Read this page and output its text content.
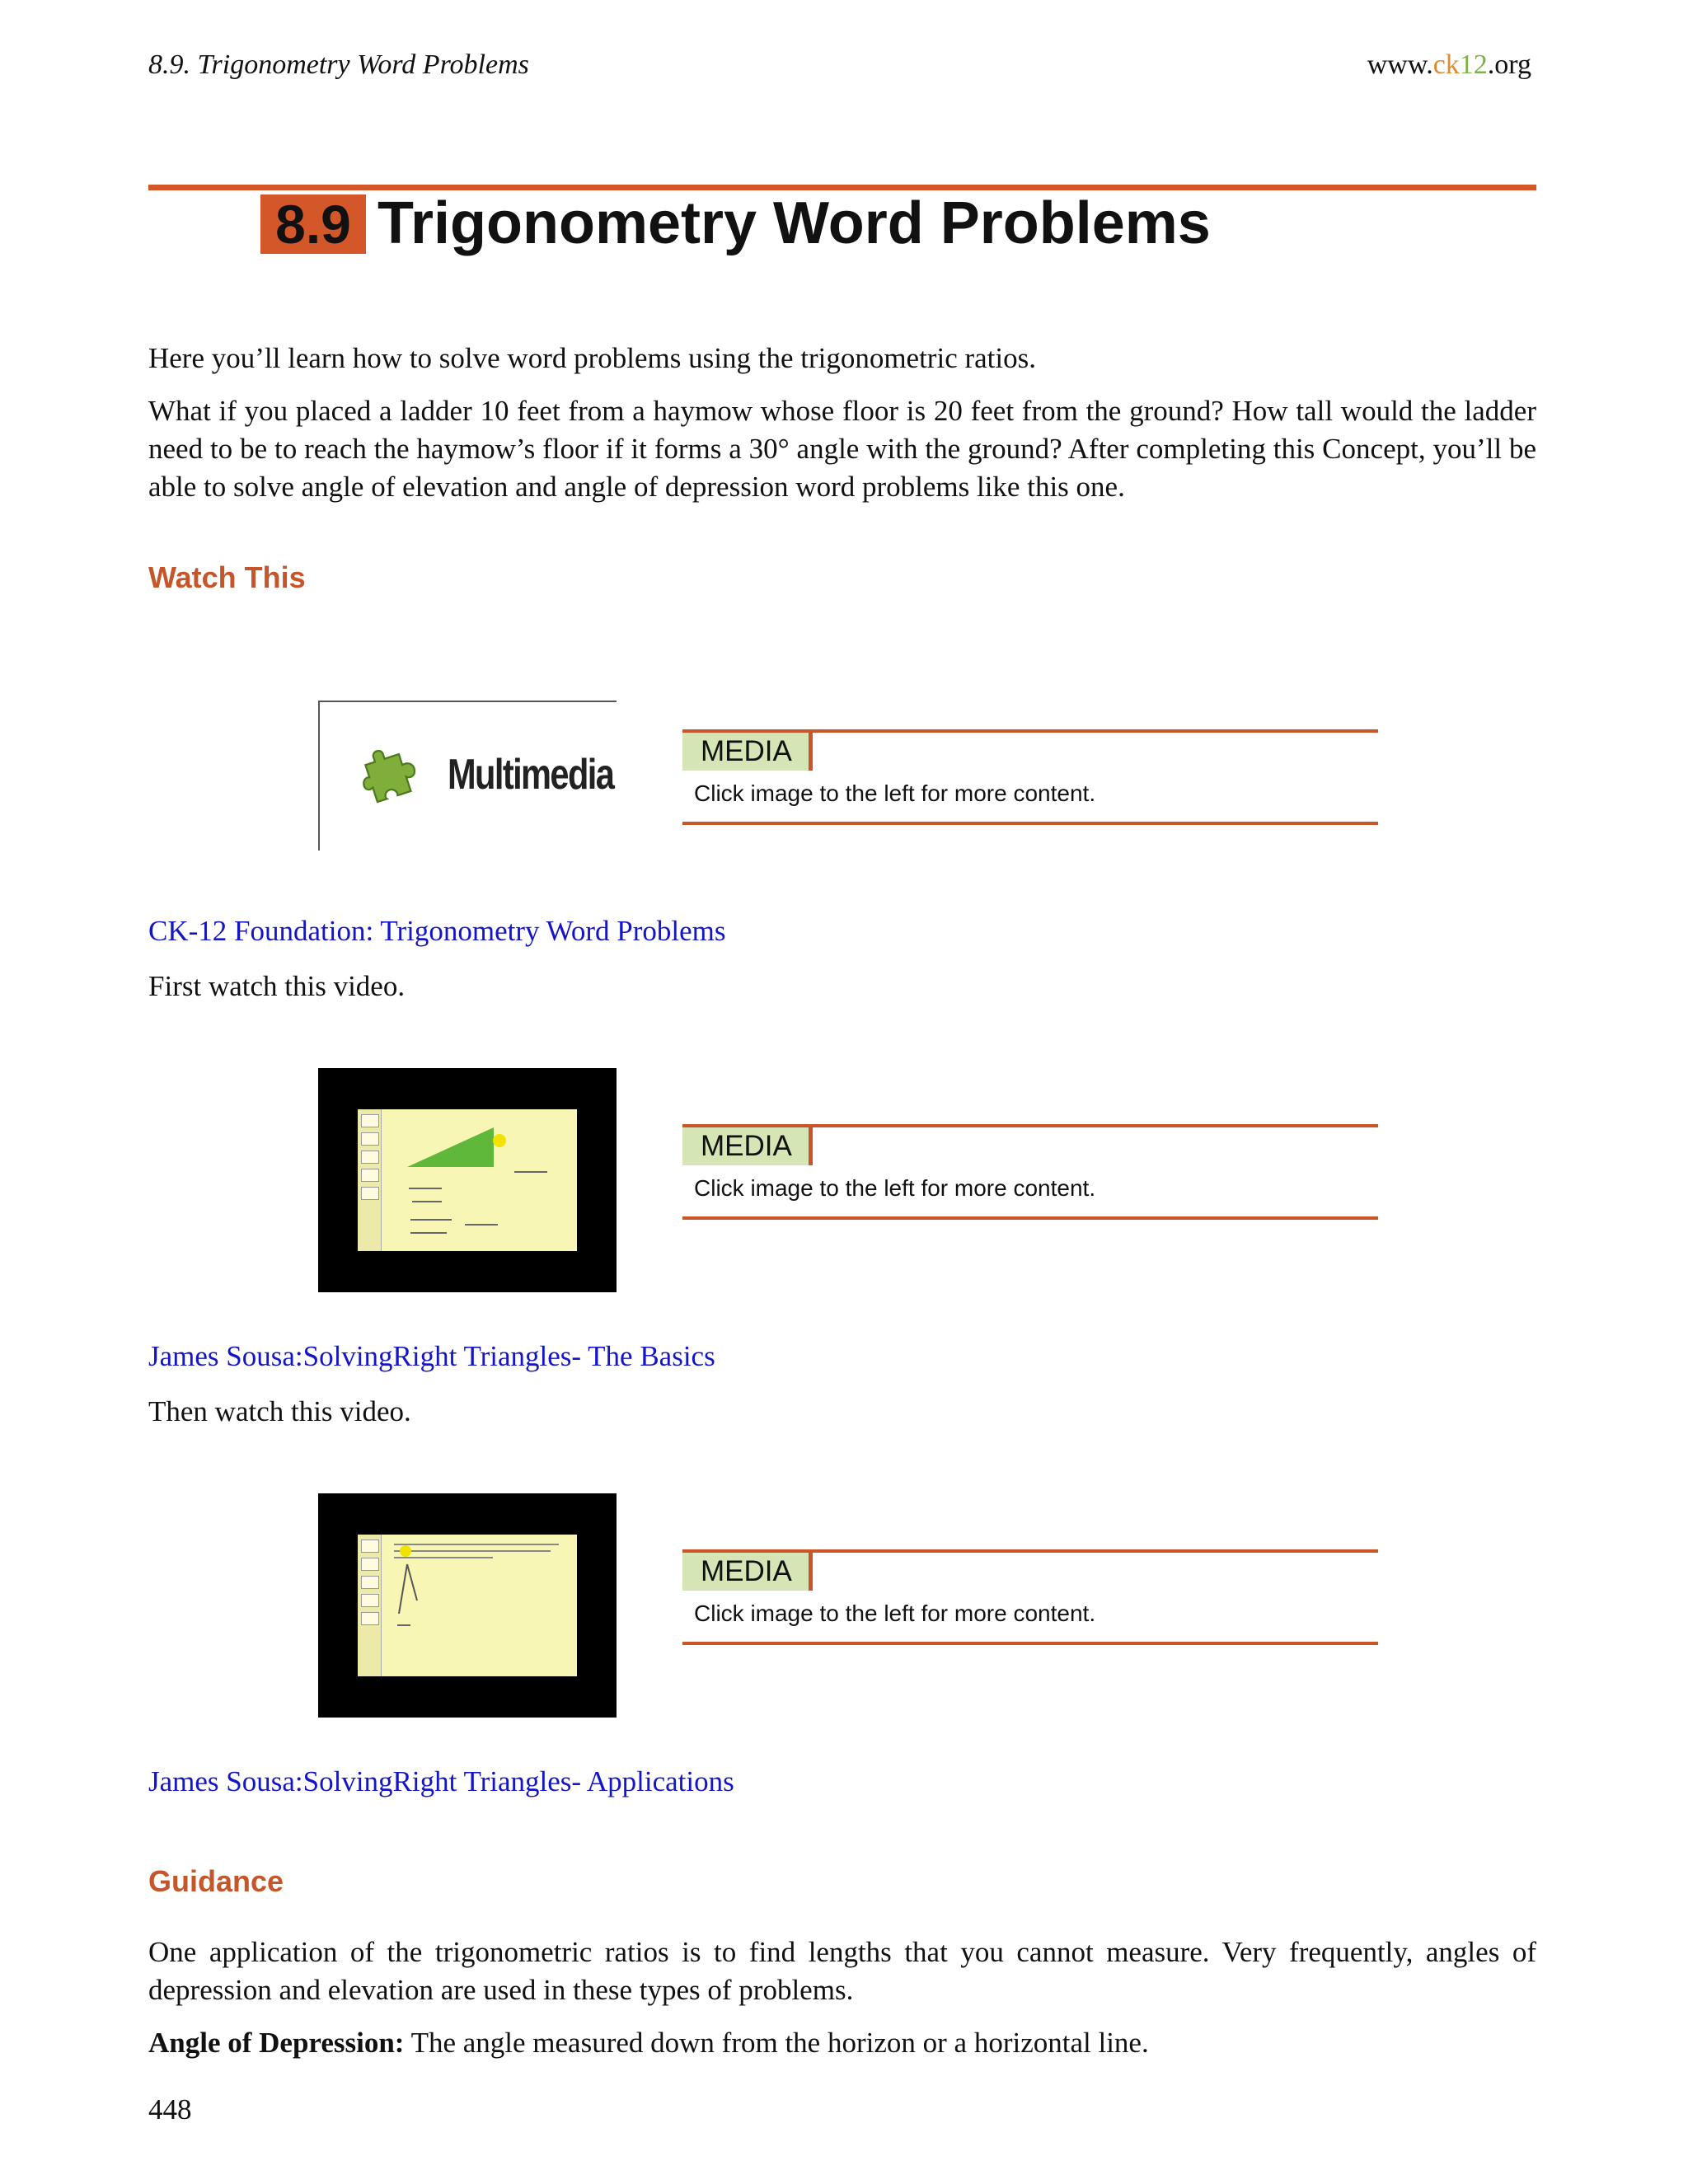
8.9. Trigonometry Word Problems	www.ck12.org
8.9 Trigonometry Word Problems
Here you’ll learn how to solve word problems using the trigonometric ratios.
What if you placed a ladder 10 feet from a haymow whose floor is 20 feet from the ground? How tall would the ladder need to be to reach the haymow’s floor if it forms a 30° angle with the ground? After completing this Concept, you’ll be able to solve angle of elevation and angle of depression word problems like this one.
Watch This
Multimedia	MEDIA
Click image to the left for more content.
CK-12 Foundation: Trigonometry Word Problems
First watch this video.
MEDIA
Click image to the left for more content.
James Sousa:SolvingRight Triangles- The Basics
Then watch this video.
MEDIA
Click image to the left for more content.
James Sousa:SolvingRight Triangles- Applications
Guidance
One application of the trigonometric ratios is to find lengths that you cannot measure. Very frequently, angles of depression and elevation are used in these types of problems.
Angle of Depression: The angle measured down from the horizon or a horizontal line.
448
